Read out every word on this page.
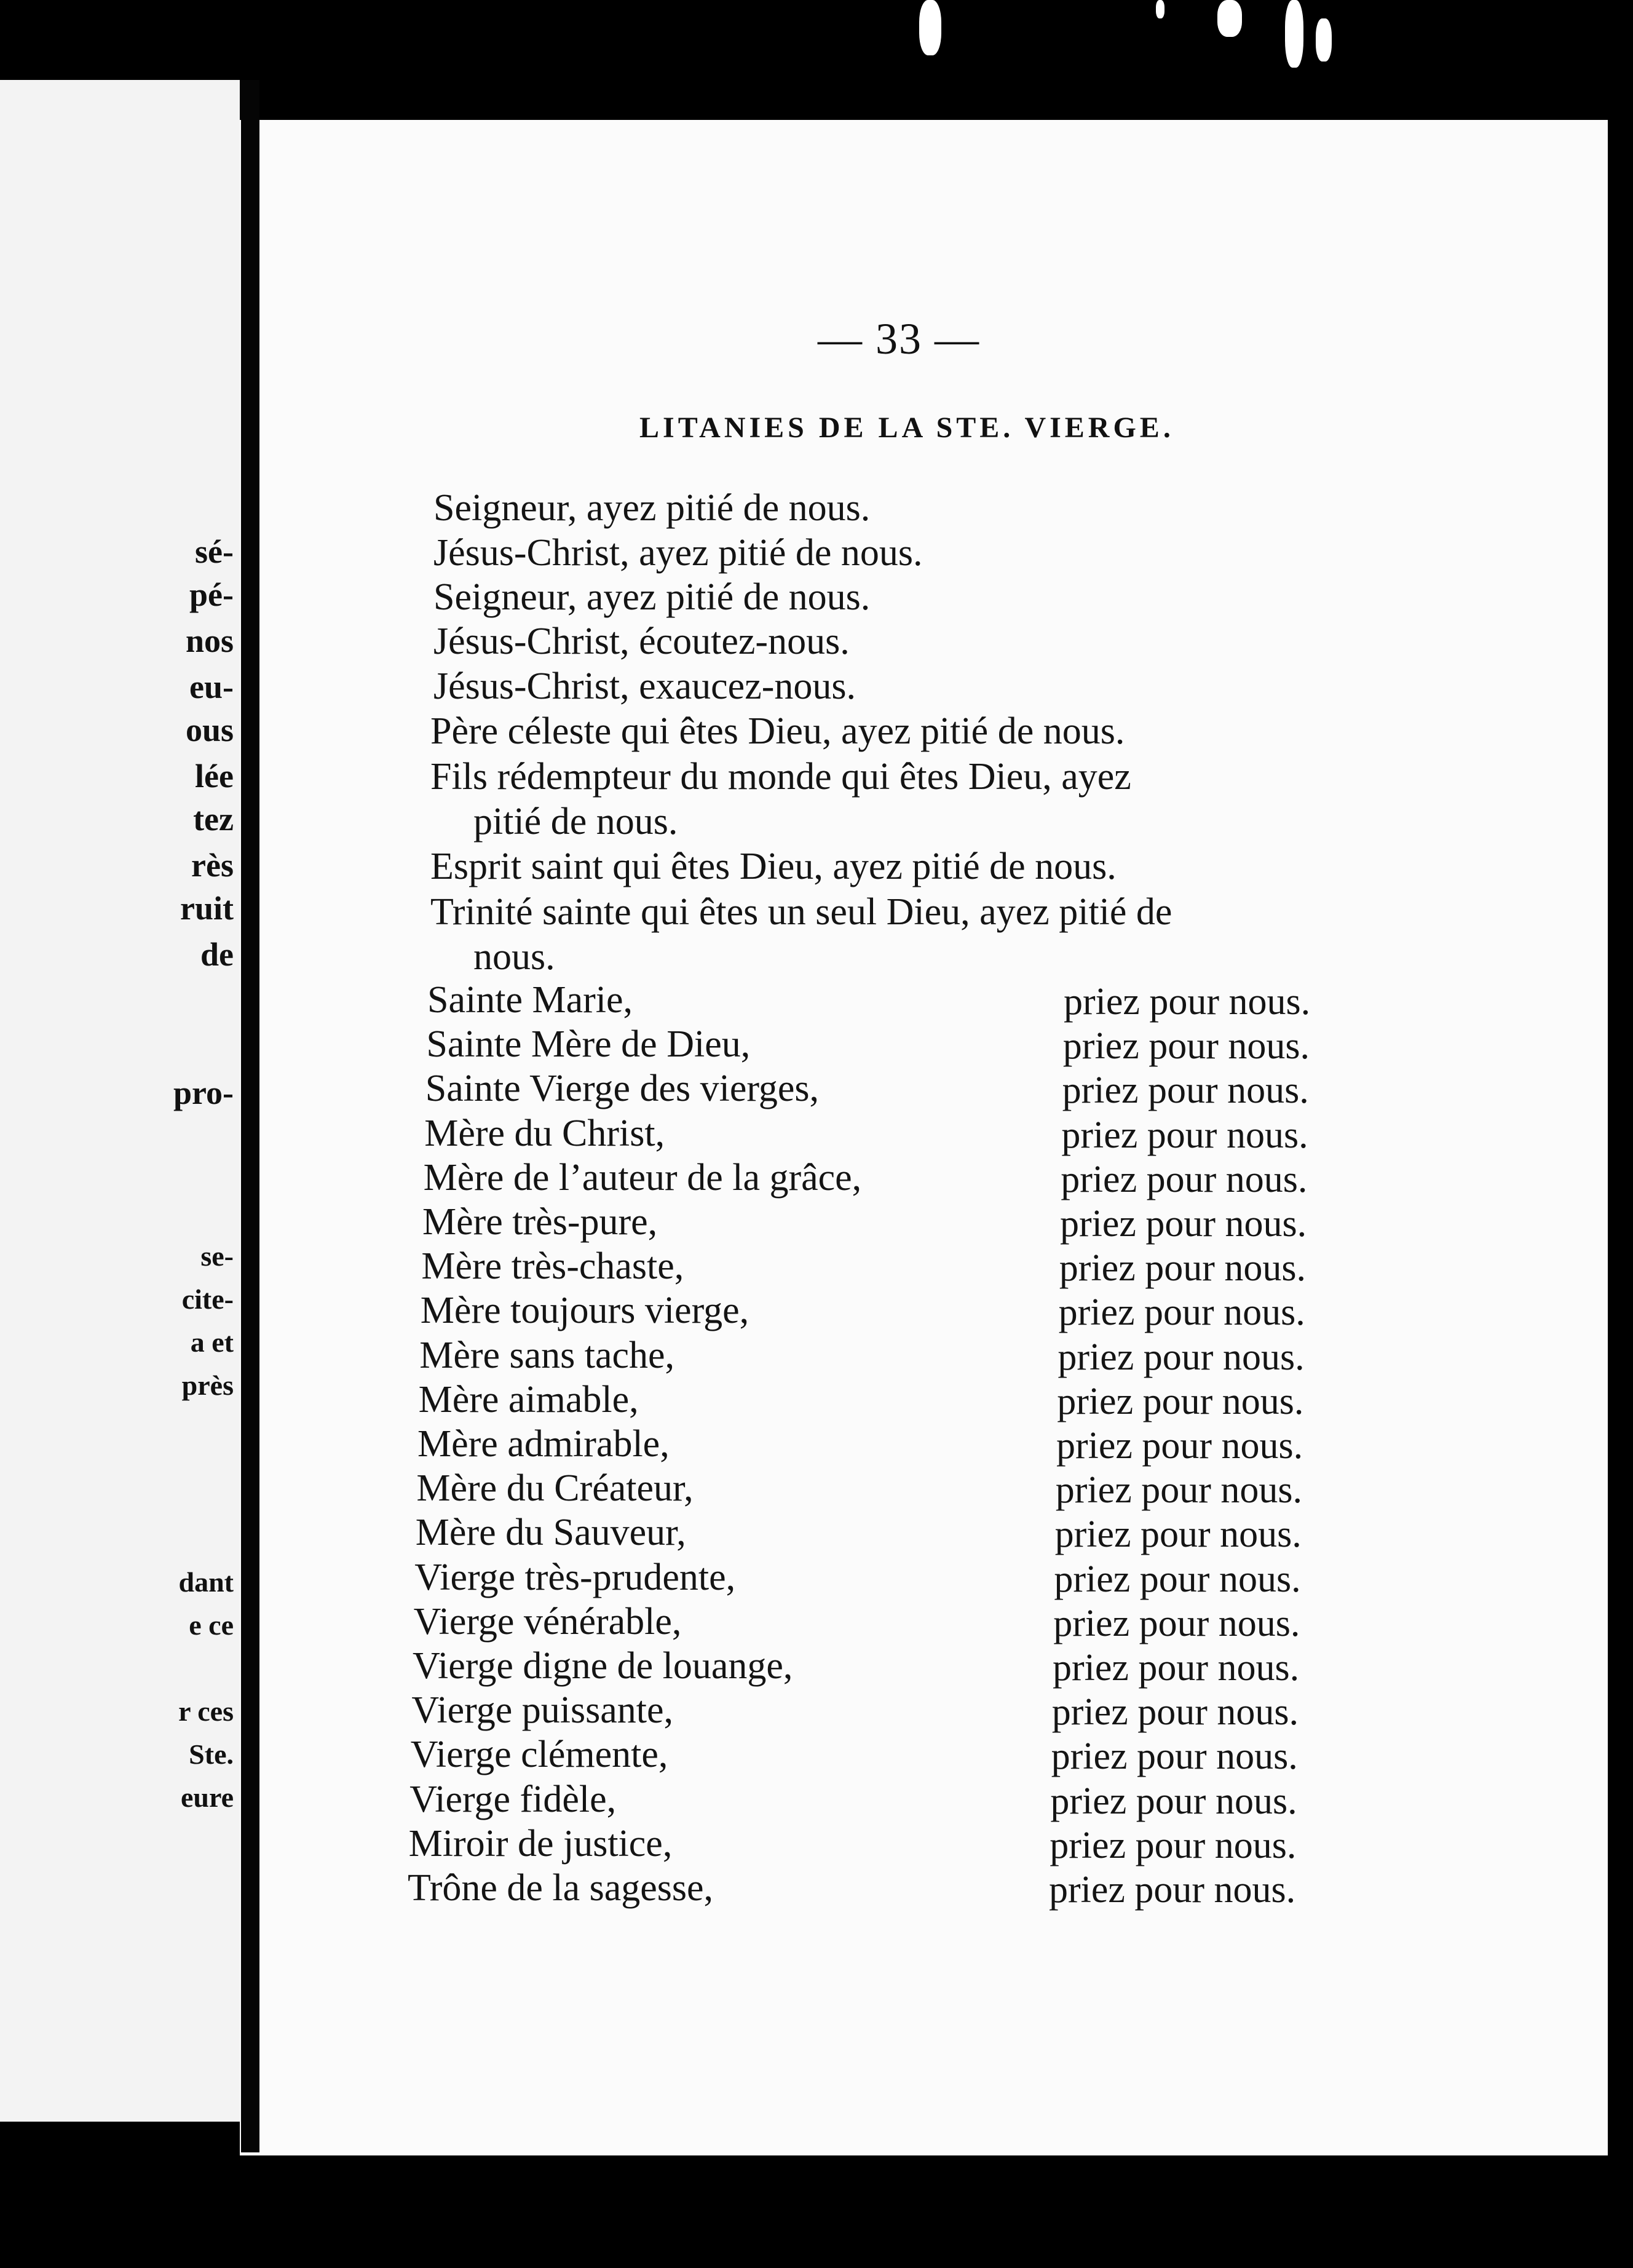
sé-
pé-
nos
eu-
ous
lée
tez
rès
ruit
de
pro-
se-
cite-
a et
près
dant
e ce
r ces
Ste.
eure
— 33 —
LITANIES DE LA STE. VIERGE.
Seigneur, ayez pitié de nous.
Jésus-Christ, ayez pitié de nous.
Seigneur, ayez pitié de nous.
Jésus-Christ, écoutez-nous.
Jésus-Christ, exaucez-nous.
Père céleste qui êtes Dieu, ayez pitié de nous.
Fils rédempteur du monde qui êtes Dieu, ayez
pitié de nous.
Esprit saint qui êtes Dieu, ayez pitié de nous.
Trinité sainte qui êtes un seul Dieu, ayez pitié de
nous.
Sainte Marie,	priez pour nous.
Sainte Mère de Dieu,	priez pour nous.
Sainte Vierge des vierges,	priez pour nous.
Mère du Christ,	priez pour nous.
Mère de l’auteur de la grâce,	priez pour nous.
Mère très-pure,	priez pour nous.
Mère très-chaste,	priez pour nous.
Mère toujours vierge,	priez pour nous.
Mère sans tache,	priez pour nous.
Mère aimable,	priez pour nous.
Mère admirable,	priez pour nous.
Mère du Créateur,	priez pour nous.
Mère du Sauveur,	priez pour nous.
Vierge très-prudente,	priez pour nous.
Vierge vénérable,	priez pour nous.
Vierge digne de louange,	priez pour nous.
Vierge puissante,	priez pour nous.
Vierge clémente,	priez pour nous.
Vierge fidèle,	priez pour nous.
Miroir de justice,	priez pour nous.
Trône de la sagesse,	priez pour nous.
